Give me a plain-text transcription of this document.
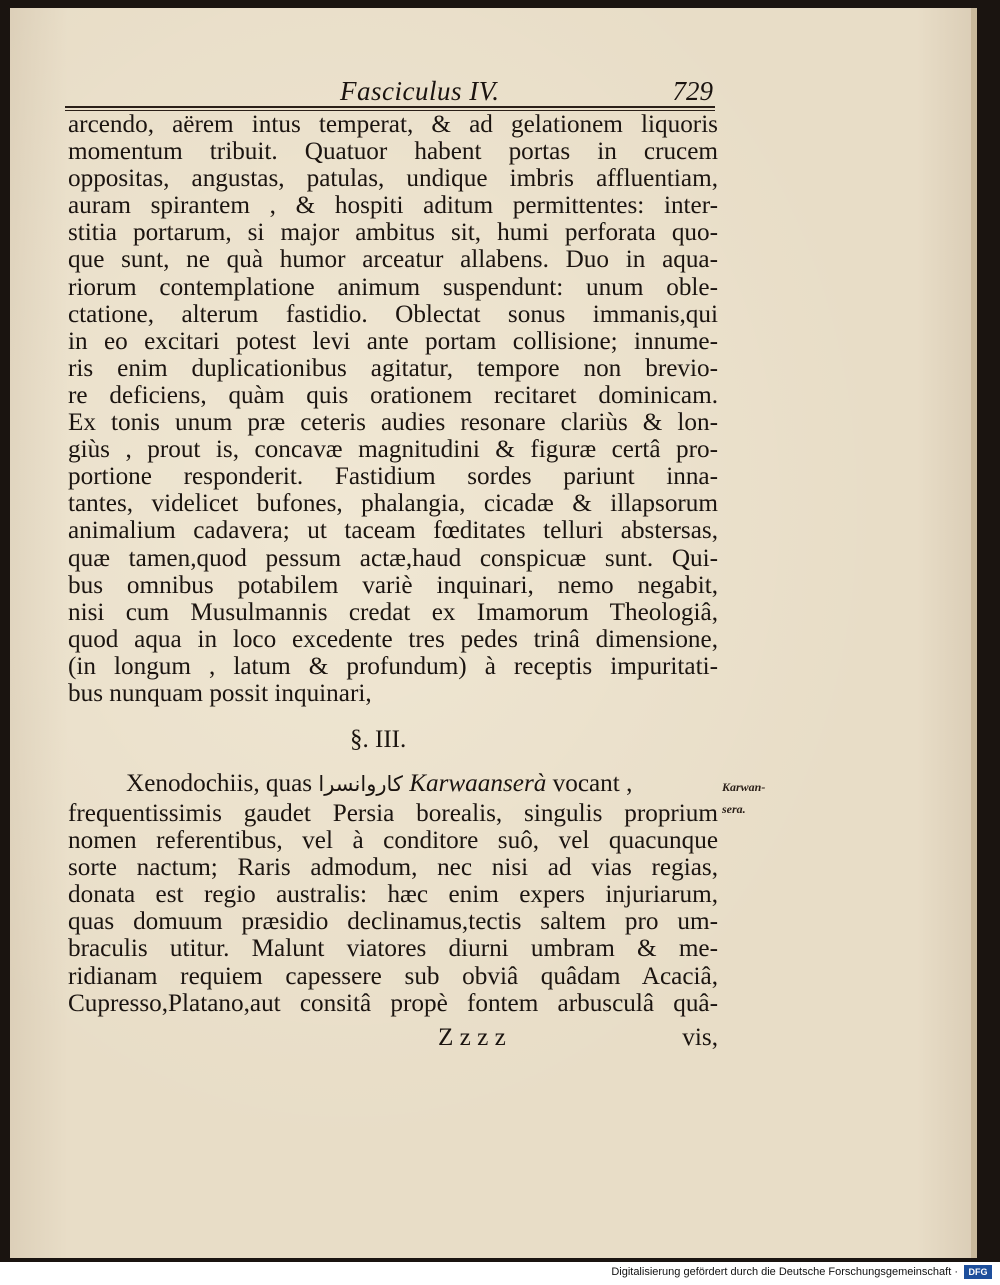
Fasciculus IV.	729
arcendo, aërem intus temperat, & ad gelationem liquoris
momentum tribuit. Quatuor habent portas in crucem
oppositas, angustas, patulas, undique imbris affluentiam,
auram spirantem , & hospiti aditum permittentes: inter-
stitia portarum, si major ambitus sit, humi perforata quo-
que sunt, ne quà humor arceatur allabens. Duo in aqua-
riorum contemplatione animum suspendunt: unum oble-
ctatione, alterum fastidio. Oblectat sonus immanis,qui
in eo excitari potest levi ante portam collisione; innume-
ris enim duplicationibus agitatur, tempore non brevio-
re deficiens, quàm quis orationem recitaret dominicam.
Ex tonis unum præ ceteris audies resonare clariùs & lon-
giùs , prout is, concavæ magnitudini & figuræ certâ pro-
portione responderit. Fastidium sordes pariunt inna-
tantes, videlicet bufones, phalangia, cicadæ & illapsorum
animalium cadavera; ut taceam fœditates telluri abstersas,
quæ tamen,quod pessum actæ,haud conspicuæ sunt. Qui-
bus omnibus potabilem variè inquinari, nemo negabit,
nisi cum Musulmannis credat ex Imamorum Theologiâ,
quod aqua in loco excedente tres pedes trinâ dimensione,
(in longum , latum & profundum) à receptis impuritati-
bus nunquam possit inquinari,
§. III.
Xenodochiis, quas کاروانسرا Karwaanserà vocant ,
frequentissimis gaudet Persia borealis, singulis proprium
nomen referentibus, vel à conditore suô, vel quacunque
sorte nactum; Raris admodum, nec nisi ad vias regias,
donata est regio australis: hæc enim expers injuriarum,
quas domuum præsidio declinamus,tectis saltem pro um-
braculis utitur. Malunt viatores diurni umbram & me-
ridianam requiem capessere sub obviâ quâdam Acaciâ,
Cupresso,Platano,aut consitâ propè fontem arbusculâ quâ-
Z z z z	vis,
Karwan-
sera.
Digitalisierung gefördert durch die Deutsche Forschungsgemeinschaft ·	DFG
